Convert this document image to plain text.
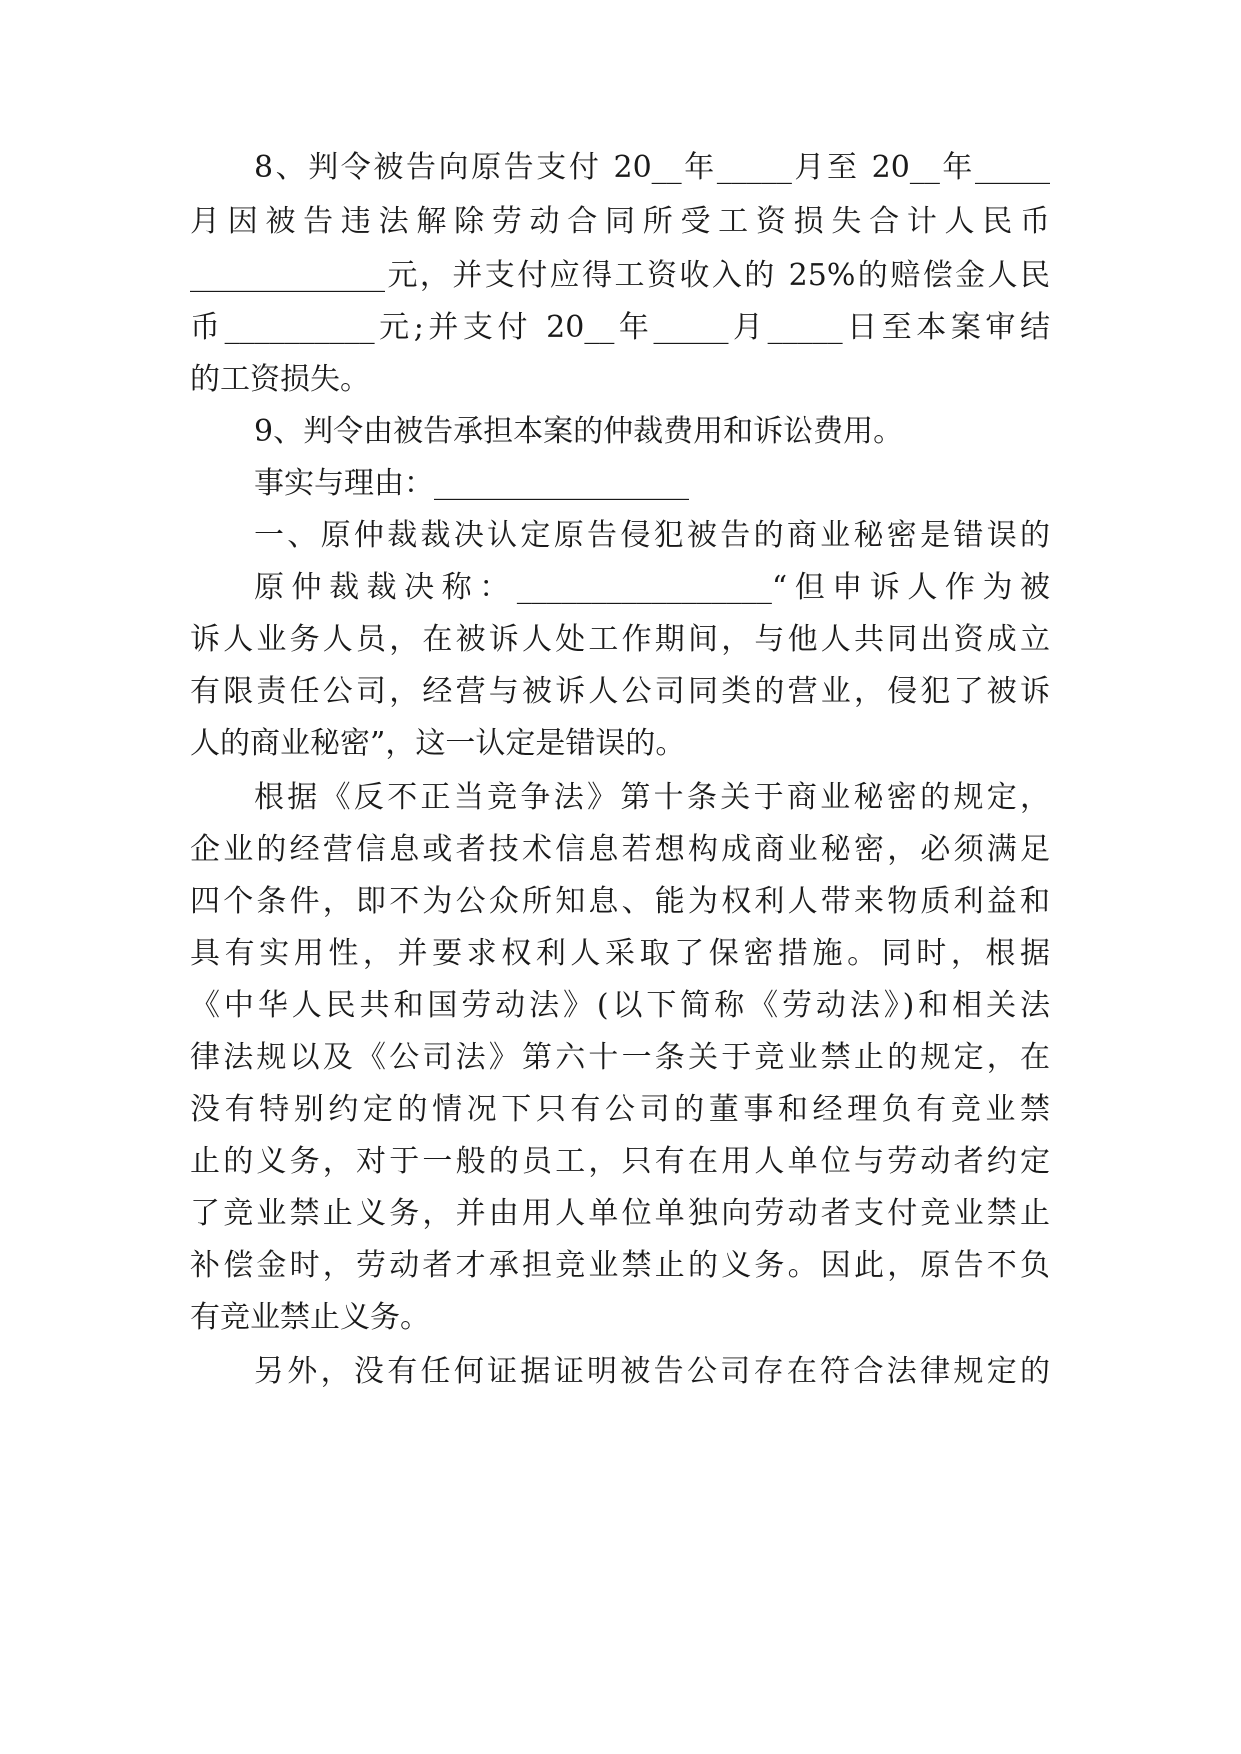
8、判令被告向原告支付 20__年_____月至 20__年_____
月因被告违法解除劳动合同所受工资损失合计人民币
_____________元，并支付应得工资收入的 25%的赔偿金人民
币__________元;并支付 20__年_____月_____日至本案审结
的工资损失。
9、判令由被告承担本案的仲裁费用和诉讼费用。
事实与理由：_________________
一、原仲裁裁决认定原告侵犯被告的商业秘密是错误的
原仲裁裁决称：_________________“但申诉人作为被
诉人业务人员，在被诉人处工作期间，与他人共同出资成立
有限责任公司，经营与被诉人公司同类的营业，侵犯了被诉
人的商业秘密”，这一认定是错误的。
根据《反不正当竞争法》第十条关于商业秘密的规定，
企业的经营信息或者技术信息若想构成商业秘密，必须满足
四个条件，即不为公众所知息、能为权利人带来物质利益和
具有实用性，并要求权利人采取了保密措施。同时，根据
《中华人民共和国劳动法》(以下简称《劳动法》)和相关法
律法规以及《公司法》第六十一条关于竞业禁止的规定，在
没有特别约定的情况下只有公司的董事和经理负有竞业禁
止的义务，对于一般的员工，只有在用人单位与劳动者约定
了竞业禁止义务，并由用人单位单独向劳动者支付竞业禁止
补偿金时，劳动者才承担竞业禁止的义务。因此，原告不负
有竞业禁止义务。
另外，没有任何证据证明被告公司存在符合法律规定的
